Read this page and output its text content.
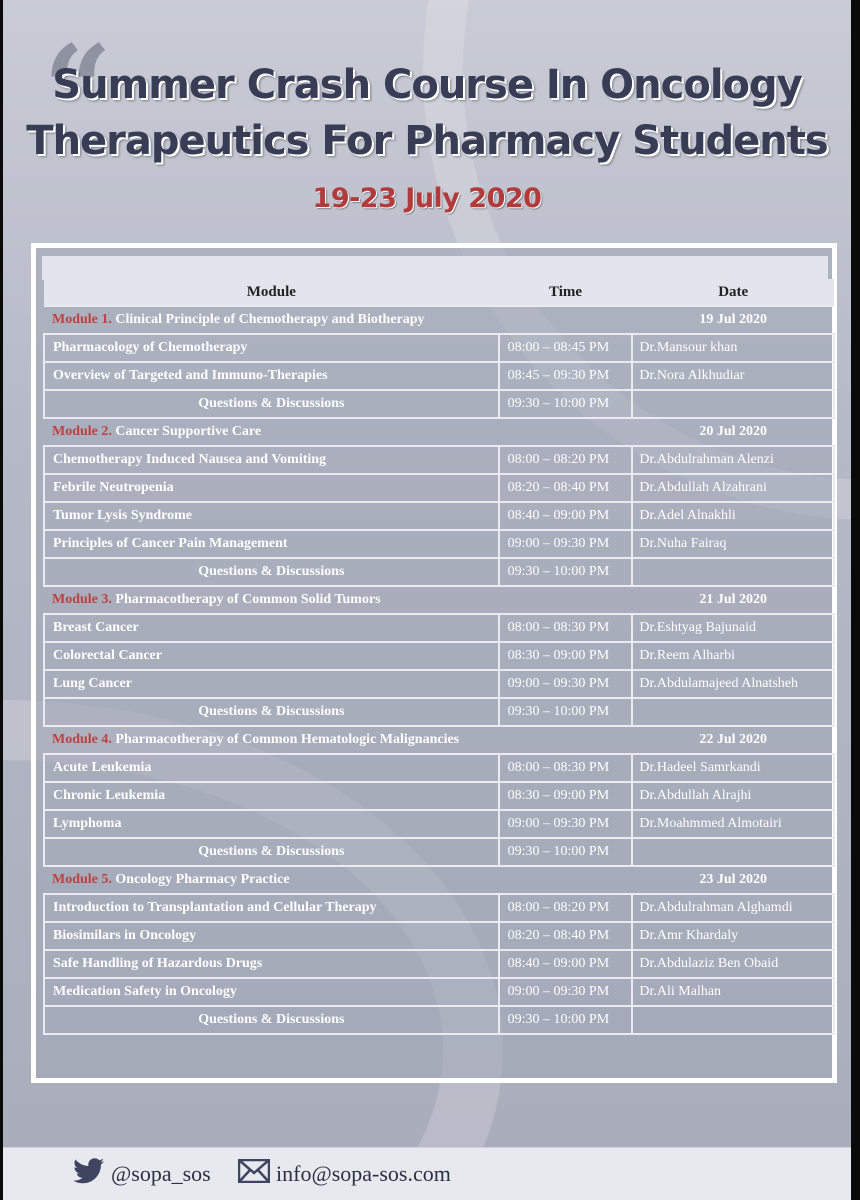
“
Summer Crash Course In Oncology
Therapeutics For Pharmacy Students
19-23 July 2020
Module	Time	Date
Module 1. Clinical Principle of Chemotherapy and Biotherapy		19 Jul 2020
Pharmacology of Chemotherapy	08:00 – 08:45 PM	Dr.Mansour khan
Overview of Targeted and Immuno-Therapies	08:45 – 09:30 PM	Dr.Nora Alkhudiar
Questions & Discussions	09:30 – 10:00 PM	
Module 2. Cancer Supportive Care		20 Jul 2020
Chemotherapy Induced Nausea and Vomiting	08:00 – 08:20 PM	Dr.Abdulrahman Alenzi
Febrile Neutropenia	08:20 – 08:40 PM	Dr.Abdullah Alzahrani
Tumor Lysis Syndrome	08:40 – 09:00 PM	Dr.Adel Alnakhli
Principles of Cancer Pain Management	09:00 – 09:30 PM	Dr.Nuha Fairaq
Questions & Discussions	09:30 – 10:00 PM	
Module 3. Pharmacotherapy of Common Solid Tumors		21 Jul 2020
Breast Cancer	08:00 – 08:30 PM	Dr.Eshtyag Bajunaid
Colorectal Cancer	08:30 – 09:00 PM	Dr.Reem Alharbi
Lung Cancer	09:00 – 09:30 PM	Dr.Abdulamajeed Alnatsheh
Questions & Discussions	09:30 – 10:00 PM	
Module 4. Pharmacotherapy of Common Hematologic Malignancies		22 Jul 2020
Acute Leukemia	08:00 – 08:30 PM	Dr.Hadeel Samrkandi
Chronic Leukemia	08:30 – 09:00 PM	Dr.Abdullah Alrajhi
Lymphoma	09:00 – 09:30 PM	Dr.Moahmmed Almotairi
Questions & Discussions	09:30 – 10:00 PM	
Module 5. Oncology Pharmacy Practice		23 Jul 2020
Introduction to Transplantation and Cellular Therapy	08:00 – 08:20 PM	Dr.Abdulrahman Alghamdi
Biosimilars in Oncology	08:20 – 08:40 PM	Dr.Amr Khardaly
Safe Handling of Hazardous Drugs	08:40 – 09:00 PM	Dr.Abdulaziz Ben Obaid
Medication Safety in Oncology	09:00 – 09:30 PM	Dr.Ali Malhan
Questions & Discussions	09:30 – 10:00 PM	
@sopa_sos	info@sopa-sos.com
